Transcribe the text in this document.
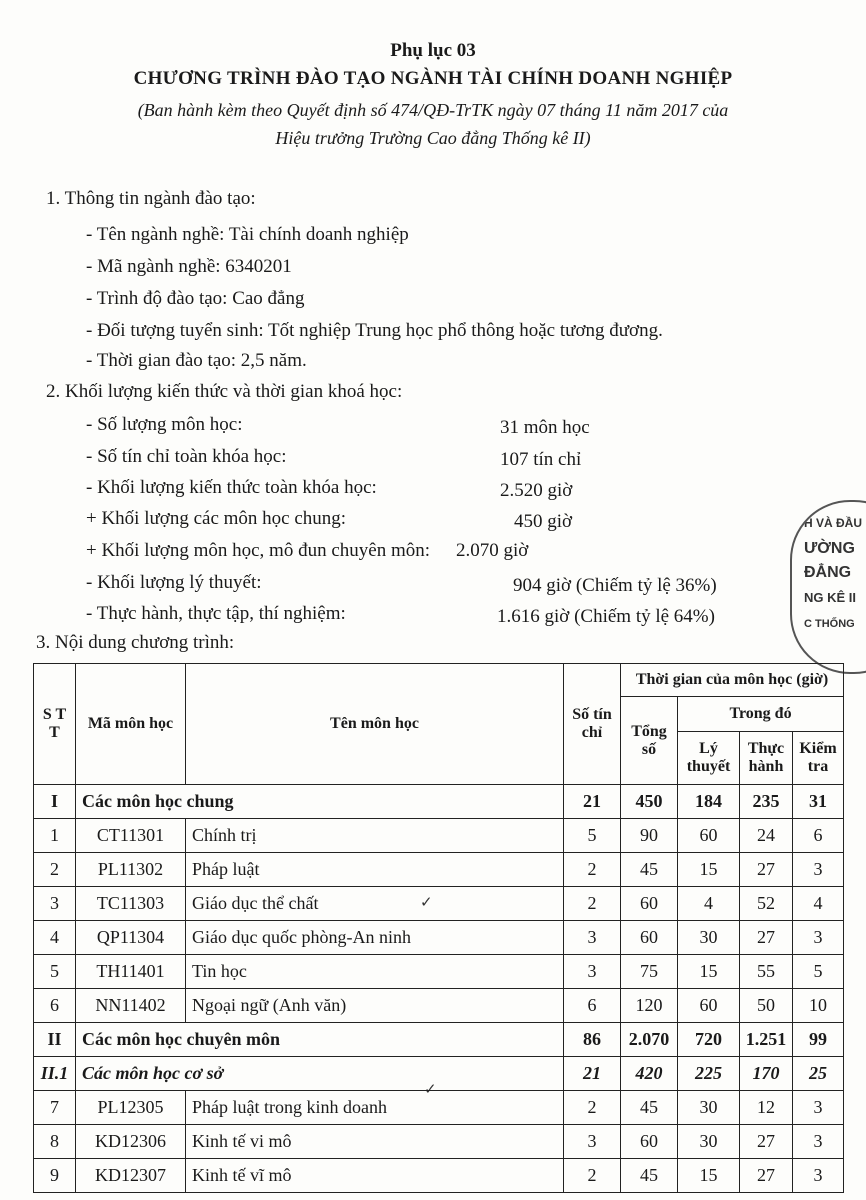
Phụ lục 03
CHƯƠNG TRÌNH ĐÀO TẠO NGÀNH TÀI CHÍNH DOANH NGHIỆP
(Ban hành kèm theo Quyết định số 474/QĐ-TrTK ngày 07 tháng 11 năm 2017 của
Hiệu trưởng Trường Cao đẳng Thống kê II)
1. Thông tin ngành đào tạo:
- Tên ngành nghề: Tài chính doanh nghiệp
- Mã ngành nghề: 6340201
- Trình độ đào tạo: Cao đẳng
- Đối tượng tuyển sinh: Tốt nghiệp Trung học phổ thông hoặc tương đương.
- Thời gian đào tạo: 2,5 năm.
2. Khối lượng kiến thức và thời gian khoá học:
- Số lượng môn học:	31 môn học
- Số tín chỉ toàn khóa học:	107 tín chỉ
- Khối lượng kiến thức toàn khóa học:	2.520 giờ
+ Khối lượng các môn học chung:	450 giờ
+ Khối lượng môn học, mô đun chuyên môn: 2.070 giờ
- Khối lượng lý thuyết:	904 giờ (Chiếm tỷ lệ 36%)
- Thực hành, thực tập, thí nghiệm:	1.616 giờ (Chiếm tỷ lệ 64%)
3. Nội dung chương trình:
H VÀ ĐẦU
ƯỜNG
ĐẲNG
NG KÊ II
C THỐNG
✓
✓
S T T	Mã môn học	Tên môn học	Số tín chỉ	Thời gian của môn học (giờ)			
				Tổng số	Trong đó		
					Lý thuyết	Thực hành	Kiểm tra
I	Các môn học chung		21	450	184	235	31
1	CT11301	Chính trị	5	90	60	24	6
2	PL11302	Pháp luật	2	45	15	27	3
3	TC11303	Giáo dục thể chất	2	60	4	52	4
4	QP11304	Giáo dục quốc phòng-An ninh	3	60	30	27	3
5	TH11401	Tin học	3	75	15	55	5
6	NN11402	Ngoại ngữ (Anh văn)	6	120	60	50	10
II	Các môn học chuyên môn		86	2.070	720	1.251	99
II.1	Các môn học cơ sở		21	420	225	170	25
7	PL12305	Pháp luật trong kinh doanh	2	45	30	12	3
8	KD12306	Kinh tế vi mô	3	60	30	27	3
9	KD12307	Kinh tế vĩ mô	2	45	15	27	3
